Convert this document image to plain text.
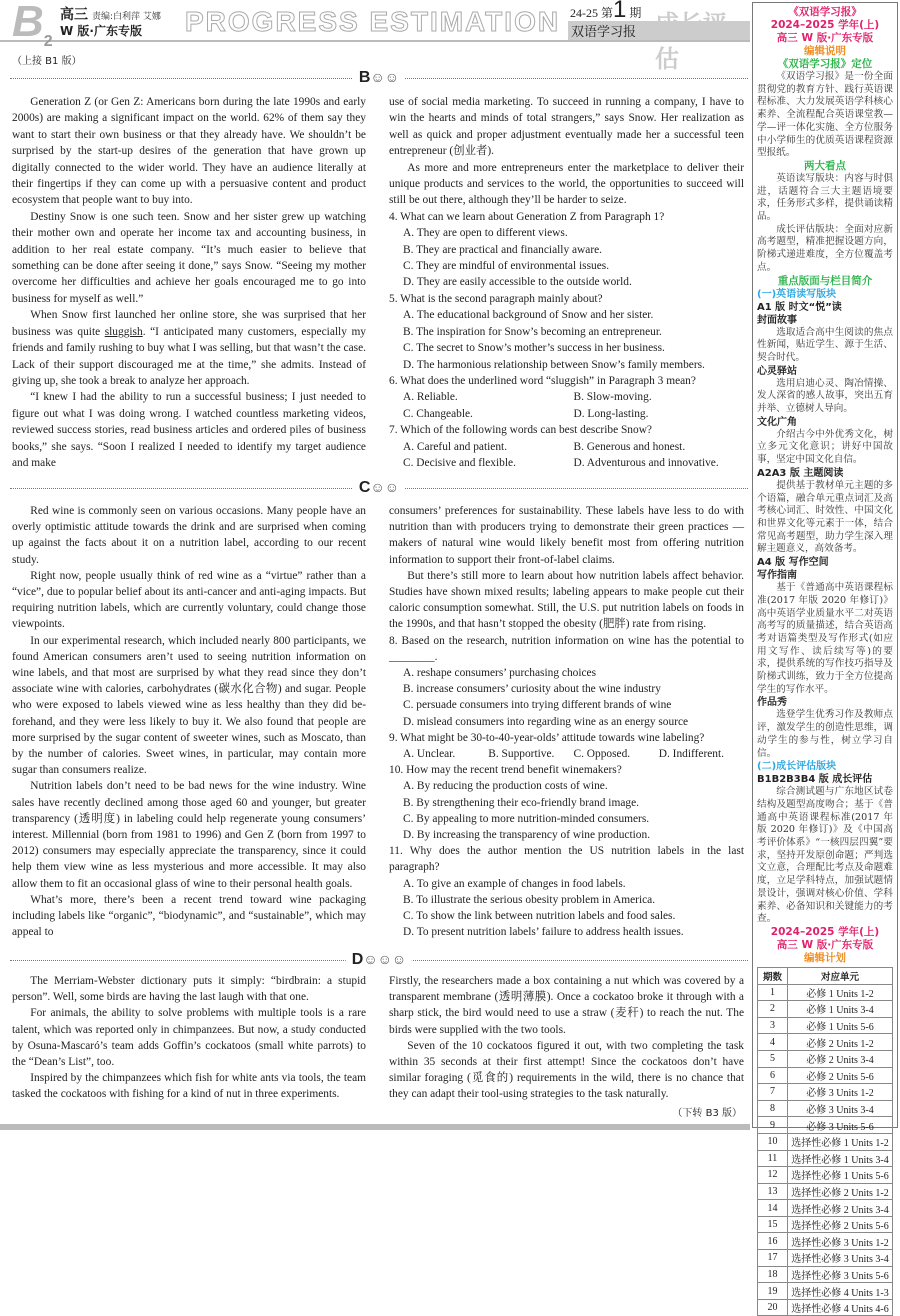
$B_2$
高三 责编:白利萍 艾娜
W 版·广东专版 PROGRESS ESTIMATION 双语学习报
24-25 第1 期 成长评估
（上接 B1 版）
B☺☺

Generation Z (or Gen Z: Americans born during the late 1990s and early 2000s) are making a significant impact on the world. 62% of them say they want to start their own business or that they already have. We shouldn’t be surprised by the start-up desires of the generation that have grown up digitally connected to the wider world. They have an audience literally at their fingertips if they can come up with a persuasive content and product ecosystem that people want to buy into.

Destiny Snow is one such teen. Snow and her sister grew up watching their mother own and operate her income tax and accounting business, in addition to her real estate company. “It’s much easier to believe that something can be done after seeing it done,” says Snow. “Seeing my mother overcome her difficulties and achieve her goals encouraged me to go into business for myself as well.”

When Snow first launched her online store, she was surprised that her business was quite sluggish. “I anticipated many customers, especially my friends and family rushing to buy what I was selling, but that wasn’t the case. Lack of their support discouraged me at the time,” she admits. Instead of giving up, she took a break to analyze her approach.

“I knew I had the ability to run a successful business; I just needed to figure out what I was doing wrong. I watched countless marketing videos, reviewed success stories, read business articles and ordered piles of business books,” she says. “Soon I realized I needed to identify my target audience and make

use of social media marketing. To succeed in running a company, I have to win the hearts and minds of total strangers,” says Snow. Her realization as well as quick and proper adjustment eventually made her a successful teen entrepreneur (创业者).

As more and more entrepreneurs enter the marketplace to deliver their unique products and services to the world, the opportunities to succeed will still be out there, although they’ll be harder to seize.

4. What can we learn about Generation Z from Paragraph 1?

A. They are open to different views.
B. They are practical and financially aware.
C. They are mindful of environmental issues.
D. They are easily accessible to the outside world.

5. What is the second paragraph mainly about?

A. The educational background of Snow and her sister.
B. The inspiration for Snow’s becoming an entrepreneur.
C. The secret to Snow’s mother’s success in her business.
D. The harmonious relationship between Snow’s family members.

6. What does the underlined word “sluggish” in Paragraph 3 mean?

A. Reliable.	B. Slow-moving.
C. Changeable.	D. Long-lasting.

7. Which of the following words can best describe Snow?

A. Careful and patient.	B. Generous and honest.
C. Decisive and flexible.	D. Adventurous and innovative.
C☺☺

Red wine is commonly seen on various occasions. Many people have an overly optimistic attitude towards the drink and are surprised when coming up against the facts about it on a nutrition label, according to our recent study.

Right now, people usually think of red wine as a “virtue” rather than a “vice”, due to popular belief about its anti-cancer and anti-aging impacts. But requiring nutrition labels, which are currently voluntary, could change those viewpoints.

In our experimental research, which included nearly 800 participants, we found American consumers aren’t used to seeing nutrition information on wine labels, and that most are surprised by what they read since they don’t associate wine with calories, carbohydrates (碳水化合物) and sugar. People who were exposed to labels viewed wine as less healthy than they did be-forehand, and they were less likely to buy it. We also found that people are more surprised by the sugar content of sweeter wines, such as Moscato, than by the number of calories. Sweet wines, in particular, may contain more sugar than consumers realize.

Nutrition labels don’t need to be bad news for the wine industry. Wine sales have recently declined among those aged 60 and younger, but greater transparency (透明度) in labeling could help regenerate young consumers’ interest. Millennial (born from 1981 to 1996) and Gen Z (born from 1997 to 2012) consumers may especially appreciate the transparency, since it could help them view wine as less mysterious and more accessible. It may also allow them to fit an occasional glass of wine to their personal health goals.

What’s more, there’s been a recent trend toward wine packaging including labels like “organic”, “biodynamic”, and “sustainable”, which may appeal to

consumers’ preferences for sustainability. These labels have less to do with nutrition than with producers trying to demonstrate their green practices — makers of natural wine would likely benefit most from offering nutrition information to support their front-of-label claims.

But there’s still more to learn about how nutrition labels affect behavior. Studies have shown mixed results; labeling appears to make people cut their caloric consumption somewhat. Still, the U.S. put nutrition labels on foods in the 1990s, and that hasn’t stopped the obesity (肥胖) rate from rising.

8. Based on the research, nutrition information on wine has the potential to ________.

A. reshape consumers’ purchasing choices
B. increase consumers’ curiosity about the wine industry
C. persuade consumers into trying different brands of wine
D. mislead consumers into regarding wine as an energy source

9. What might be 30-to-40-year-olds’ attitude towards wine labeling?

A. Unclear.	B. Supportive.	C. Opposed.	D. Indifferent.

10. How may the recent trend benefit winemakers?

A. By reducing the production costs of wine.
B. By strengthening their eco-friendly brand image.
C. By appealing to more nutrition-minded consumers.
D. By increasing the transparency of wine production.

11. Why does the author mention the US nutrition labels in the last paragraph?

A. To give an example of changes in food labels.
B. To illustrate the serious obesity problem in America.
C. To show the link between nutrition labels and food sales.
D. To present nutrition labels’ failure to address health issues.
D☺☺☺

The Merriam-Webster dictionary puts it simply: “birdbrain: a stupid person”. Well, some birds are having the last laugh with that one.

For animals, the ability to solve problems with multiple tools is a rare talent, which was reported only in chimpanzees. But now, a study conducted by Osuna-Mascaró’s team adds Goffin’s cockatoos (small white parrots) to the “Dean’s List”, too.

Inspired by the chimpanzees which fish for white ants via tools, the team tasked the cockatoos with fishing for a kind of nut in three experiments.

Firstly, the researchers made a box containing a nut which was covered by a transparent membrane (透明薄膜). Once a cockatoo broke it through with a sharp stick, the bird would need to use a straw (麦秆) to reach the nut. The birds were supplied with the two tools.

Seven of the 10 cockatoos figured it out, with two completing the task within 35 seconds at their first attempt! Since the cockatoos don’t have similar foraging (觅食的) requirements in the wild, there is no chance that they can adapt their tool-using strategies to the task naturally.

（下转 B3 版）
《双语学习报》
2024–2025 学年(上)
高三 W 版·广东专版
编辑说明
《双语学习报》定位
《双语学习报》是一份全面贯彻党的教育方针、践行英语课程标准、大力发展英语学科核心素养、全流程配合英语课堂教—学—评一体化实施、全方位服务中小学师生的优质英语课程资源型报纸。
两大看点
英语读写版块：内容与时俱进，话题符合三大主题语境要求，任务形式多样，提供诵读精品。
成长评估版块：全面对应新高考题型，精准把握设题方向，阶梯式递进难度，全方位覆盖考点。
重点版面与栏目简介
(一)英语读写版块
A1 版 时文“悦”读
封面故事
选取适合高中生阅读的焦点性新闻，贴近学生、源于生活、契合时代。
心灵驿站
选用启迪心灵、陶冶情操、发人深省的感人故事，突出五育并举、立德树人导向。
文化广角
介绍古今中外优秀文化，树立多元文化意识；讲好中国故事，坚定中国文化自信。
A2A3 版 主题阅读
提供基于教材单元主题的多个语篇，融合单元重点词汇及高考核心词汇、时效性、中国文化和世界文化等元素于一体，结合常见高考题型，助力学生深入理解主题意义，高效备考。
A4 版 写作空间
写作指南
基于《普通高中英语课程标准(2017 年版 2020 年修订)》高中英语学业质量水平二对英语高考写的质量描述，结合英语高考对语篇类型及写作形式(如应用文写作、读后续写等)的要求，提供系统的写作技巧指导及阶梯式训练，致力于全方位提高学生的写作水平。
作品秀
选登学生优秀习作及教师点评，激发学生的创造性思维，调动学生的参与性，树立学习自信。
(二)成长评估版块
B1B2B3B4 版 成长评估
综合测试题与广东地区试卷结构及题型高度吻合；基于《普通高中英语课程标准(2017 年版 2020 年修订)》及《中国高考评价体系》“一核四层四翼”要求，坚持开发原创命题；严判选文立意，合理配比考点及命题难度，立足学科特点，加强试题情景设计，强调对核心价值、学科素养、必备知识和关键能力的考查。
2024–2025 学年(上)
高三 W 版·广东专版
编辑计划
期数	对应单元
1	必修 1 Units 1-2
2	必修 1 Units 3-4
3	必修 1 Units 5-6
4	必修 2 Units 1-2
5	必修 2 Units 3-4
6	必修 2 Units 5-6
7	必修 3 Units 1-2
8	必修 3 Units 3-4
9	必修 3 Units 5-6
10	选择性必修 1 Units 1-2
11	选择性必修 1 Units 3-4
12	选择性必修 1 Units 5-6
13	选择性必修 2 Units 1-2
14	选择性必修 2 Units 3-4
15	选择性必修 2 Units 5-6
16	选择性必修 3 Units 1-2
17	选择性必修 3 Units 3-4
18	选择性必修 3 Units 5-6
19	选择性必修 4 Units 1-3
20	选择性必修 4 Units 4-6
